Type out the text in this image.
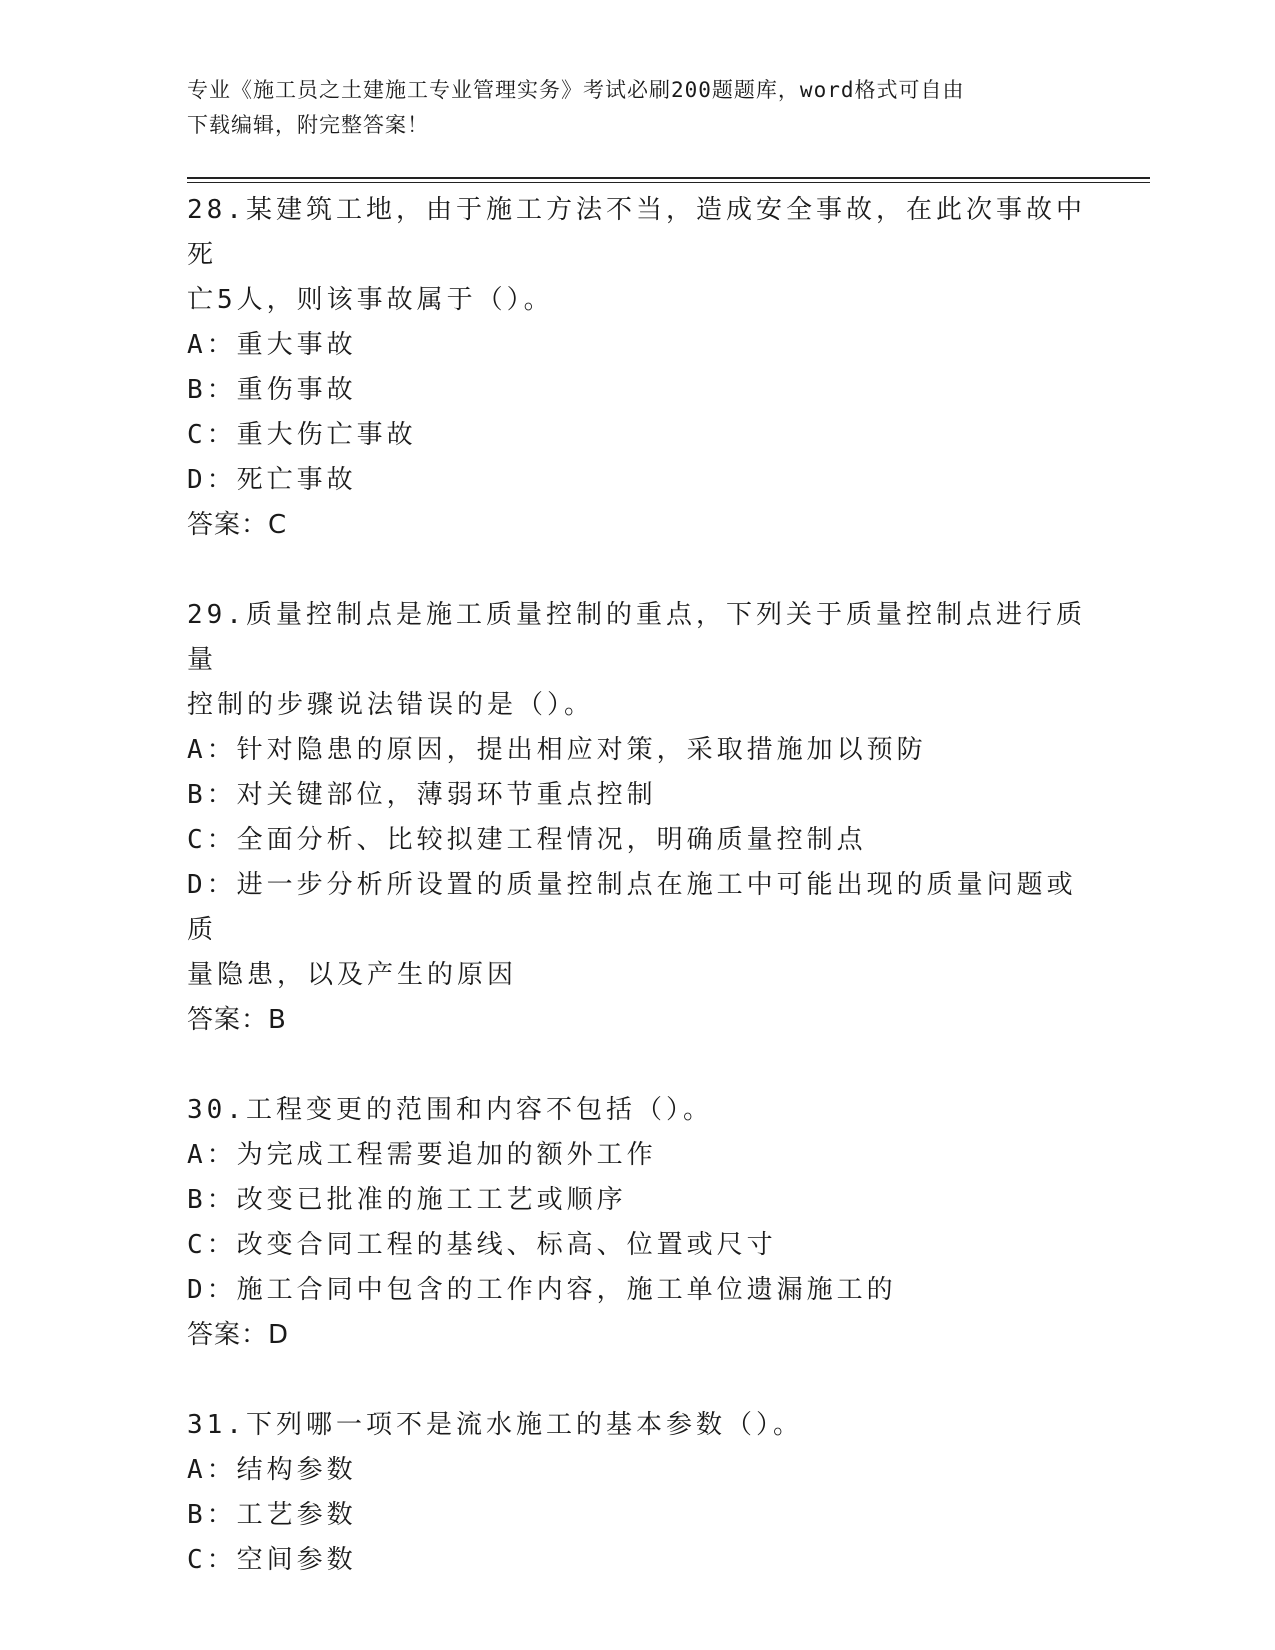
专业《施工员之土建施工专业管理实务》考试必刷200题题库，word格式可自由
下载编辑，附完整答案！
28.某建筑工地，由于施工方法不当，造成安全事故，在此次事故中死
亡5人，则该事故属于（）。
A：重大事故
B：重伤事故
C：重大伤亡事故
D：死亡事故
答案：C
29.质量控制点是施工质量控制的重点，下列关于质量控制点进行质量
控制的步骤说法错误的是（）。
A：针对隐患的原因，提出相应对策，采取措施加以预防
B：对关键部位，薄弱环节重点控制
C：全面分析、比较拟建工程情况，明确质量控制点
D：进一步分析所设置的质量控制点在施工中可能出现的质量问题或质
量隐患，以及产生的原因
答案：B
30.工程变更的范围和内容不包括（）。
A：为完成工程需要追加的额外工作
B：改变已批准的施工工艺或顺序
C：改变合同工程的基线、标高、位置或尺寸
D：施工合同中包含的工作内容，施工单位遗漏施工的
答案：D
31.下列哪一项不是流水施工的基本参数（）。
A：结构参数
B：工艺参数
C：空间参数
